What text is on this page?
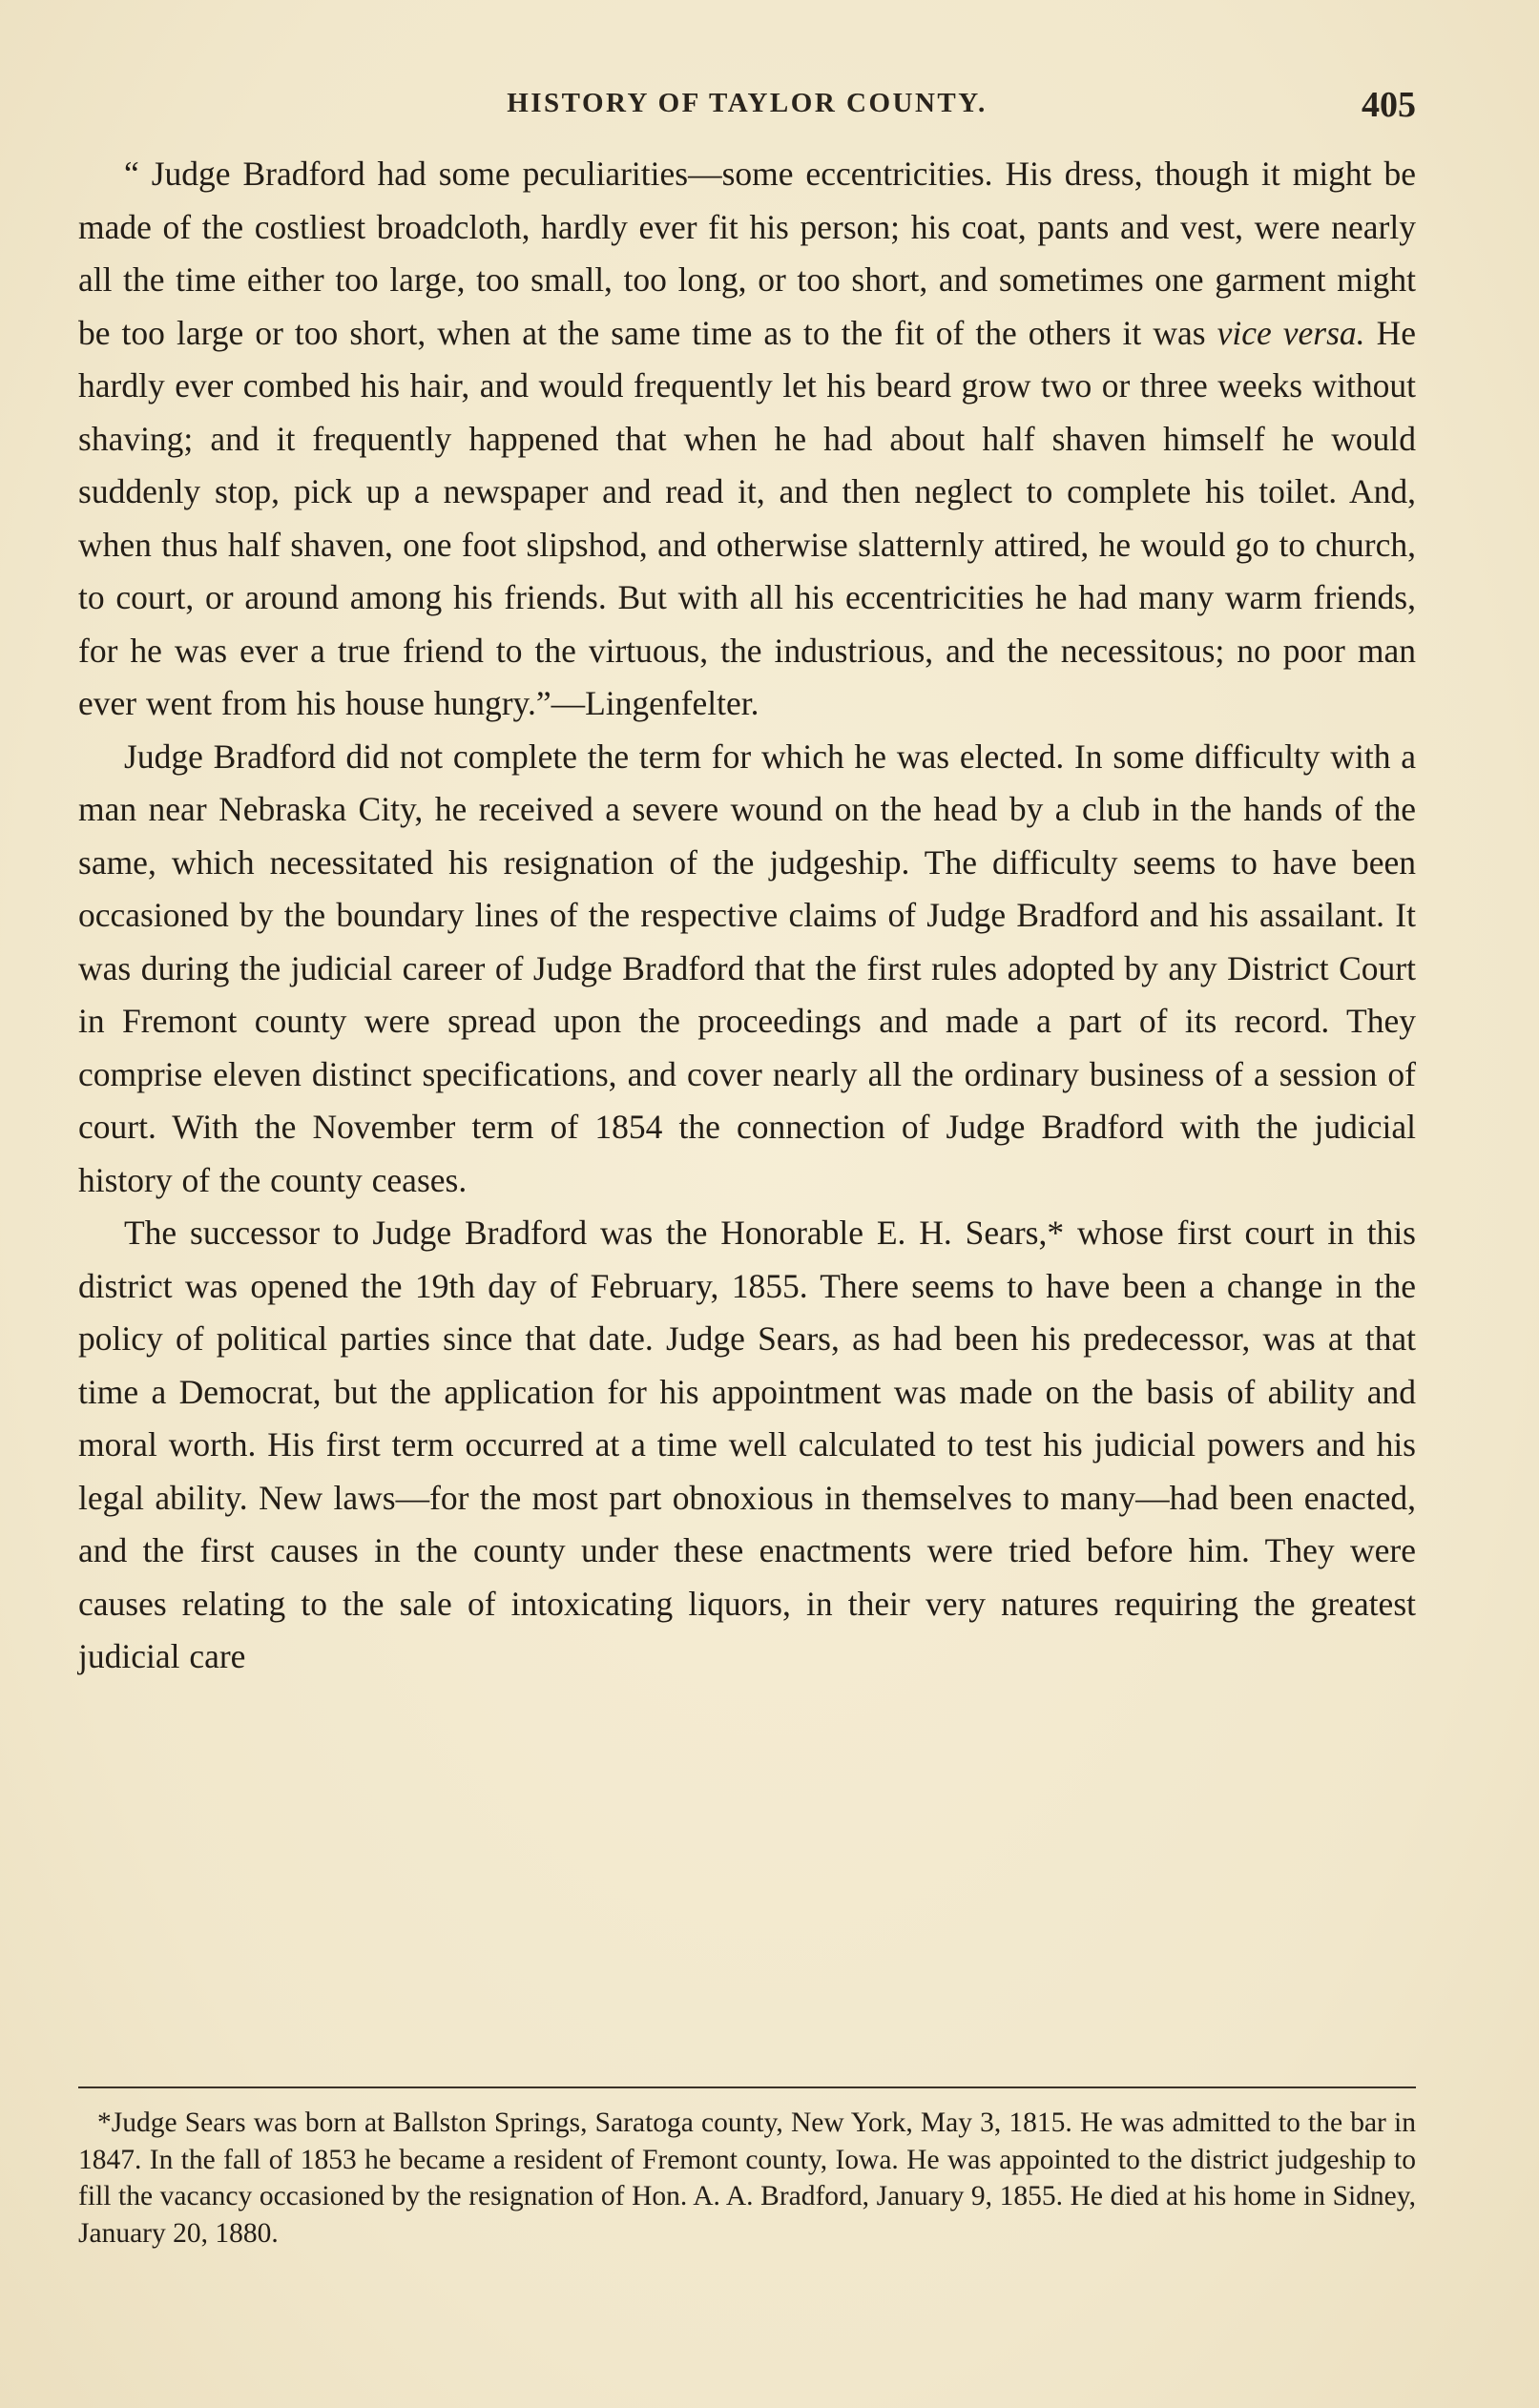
HISTORY OF TAYLOR COUNTY.	405

“ Judge Bradford had some peculiarities—some eccentricities. His dress, though it might be made of the costliest broadcloth, hardly ever fit his person; his coat, pants and vest, were nearly all the time either too large, too small, too long, or too short, and sometimes one garment might be too large or too short, when at the same time as to the fit of the others it was vice versa. He hardly ever combed his hair, and would frequently let his beard grow two or three weeks without shaving; and it frequently happened that when he had about half shaven himself he would suddenly stop, pick up a newspaper and read it, and then neglect to complete his toilet. And, when thus half shaven, one foot slipshod, and otherwise slatternly attired, he would go to church, to court, or around among his friends. But with all his eccentricities he had many warm friends, for he was ever a true friend to the virtuous, the industrious, and the necessitous; no poor man ever went from his house hungry.”—Lingenfelter.

Judge Bradford did not complete the term for which he was elected. In some difficulty with a man near Nebraska City, he received a severe wound on the head by a club in the hands of the same, which necessitated his resignation of the judgeship. The difficulty seems to have been occasioned by the boundary lines of the respective claims of Judge Bradford and his assailant. It was during the judicial career of Judge Bradford that the first rules adopted by any District Court in Fremont county were spread upon the proceedings and made a part of its record. They comprise eleven distinct specifications, and cover nearly all the ordinary business of a session of court. With the November term of 1854 the connection of Judge Bradford with the judicial history of the county ceases.

The successor to Judge Bradford was the Honorable E. H. Sears,* whose first court in this district was opened the 19th day of February, 1855. There seems to have been a change in the policy of political parties since that date. Judge Sears, as had been his predecessor, was at that time a Democrat, but the application for his appointment was made on the basis of ability and moral worth. His first term occurred at a time well calculated to test his judicial powers and his legal ability. New laws—for the most part obnoxious in themselves to many—had been enacted, and the first causes in the county under these enactments were tried before him. They were causes relating to the sale of intoxicating liquors, in their very natures requiring the greatest judicial care

*Judge Sears was born at Ballston Springs, Saratoga county, New York, May 3, 1815. He was admitted to the bar in 1847. In the fall of 1853 he became a resident of Fremont county, Iowa. He was appointed to the district judgeship to fill the vacancy occasioned by the resignation of Hon. A. A. Bradford, January 9, 1855. He died at his home in Sidney, January 20, 1880.
